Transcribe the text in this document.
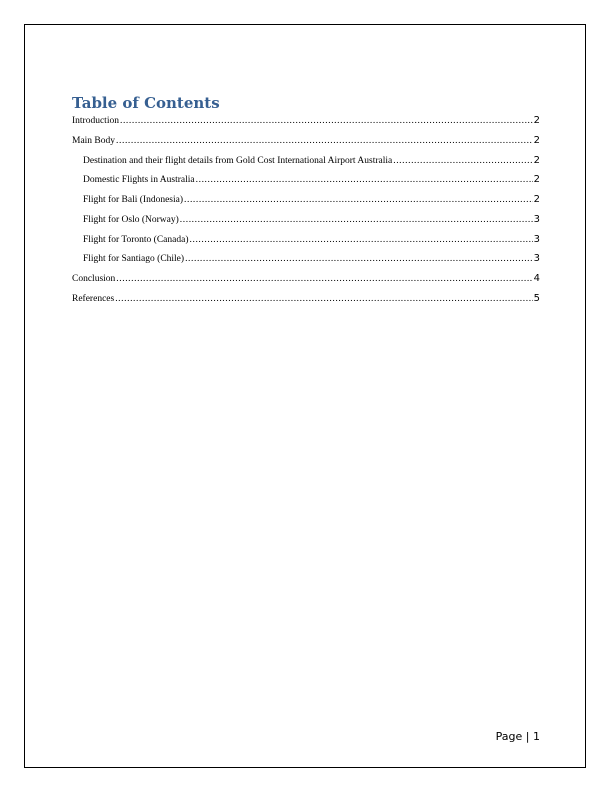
Table of Contents
Introduction .....	2
Main Body .....	2
Destination and their flight details from Gold Cost International Airport Australia .....	2
Domestic Flights in Australia .....	2
Flight for Bali (Indonesia) .....	2
Flight for Oslo (Norway) .....	3
Flight for Toronto (Canada) .....	3
Flight for Santiago (Chile) .....	3
Conclusion .....	4
References .....	5
Page | 1
